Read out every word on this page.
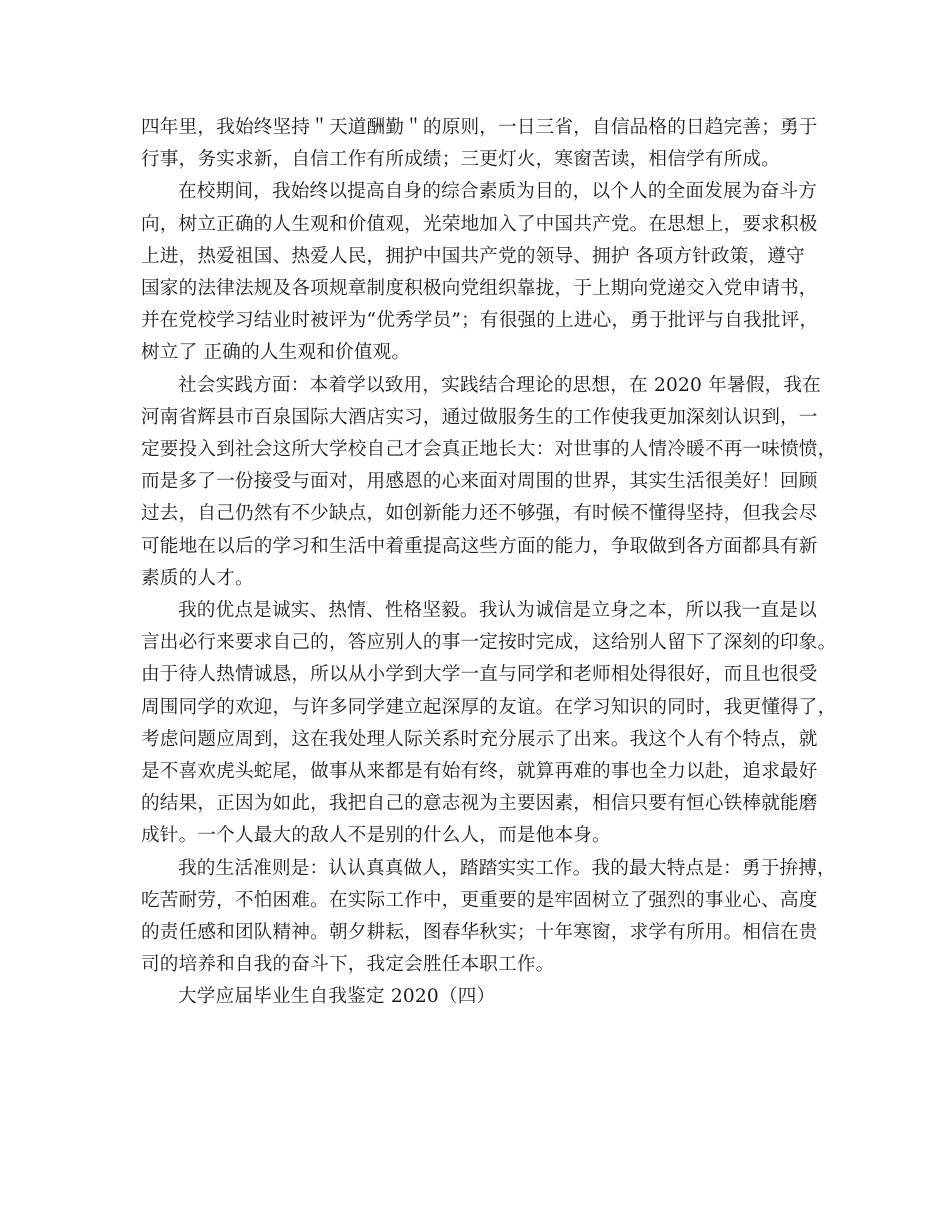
四年里，我始终坚持＂天道酬勤＂的原则，一日三省，自信品格的日趋完善；勇于
行事，务实求新，自信工作有所成绩；三更灯火，寒窗苦读，相信学有所成。

在校期间，我始终以提高自身的综合素质为目的，以个人的全面发展为奋斗方
向，树立正确的人生观和价值观，光荣地加入了中国共产党。在思想上，要求积极
上进，热爱祖国、热爱人民，拥护中国共产党的领导、拥护 各项方针政策，遵守
国家的法律法规及各项规章制度积极向党组织靠拢，于上期向党递交入党申请书，
并在党校学习结业时被评为“优秀学员”；有很强的上进心，勇于批评与自我批评，
树立了 正确的人生观和价值观。

社会实践方面：本着学以致用，实践结合理论的思想，在 2020 年暑假，我在
河南省辉县市百泉国际大酒店实习，通过做服务生的工作使我更加深刻认识到，一
定要投入到社会这所大学校自己才会真正地长大：对世事的人情冷暖不再一味愤愤，
而是多了一份接受与面对，用感恩的心来面对周围的世界，其实生活很美好！回顾
过去，自己仍然有不少缺点，如创新能力还不够强，有时候不懂得坚持，但我会尽
可能地在以后的学习和生活中着重提高这些方面的能力，争取做到各方面都具有新
素质的人才。

我的优点是诚实、热情、性格坚毅。我认为诚信是立身之本，所以我一直是以
言出必行来要求自己的，答应别人的事一定按时完成，这给别人留下了深刻的印象。
由于待人热情诚恳，所以从小学到大学一直与同学和老师相处得很好，而且也很受
周围同学的欢迎，与许多同学建立起深厚的友谊。在学习知识的同时，我更懂得了，
考虑问题应周到，这在我处理人际关系时充分展示了出来。我这个人有个特点，就
是不喜欢虎头蛇尾，做事从来都是有始有终，就算再难的事也全力以赴，追求最好
的结果，正因为如此，我把自己的意志视为主要因素，相信只要有恒心铁棒就能磨
成针。一个人最大的敌人不是别的什么人，而是他本身。

我的生活准则是：认认真真做人，踏踏实实工作。我的最大特点是：勇于拚搏，
吃苦耐劳，不怕困难。在实际工作中，更重要的是牢固树立了强烈的事业心、高度
的责任感和团队精神。朝夕耕耘，图春华秋实；十年寒窗，求学有所用。相信在贵
司的培养和自我的奋斗下，我定会胜任本职工作。

大学应届毕业生自我鉴定 2020（四）
